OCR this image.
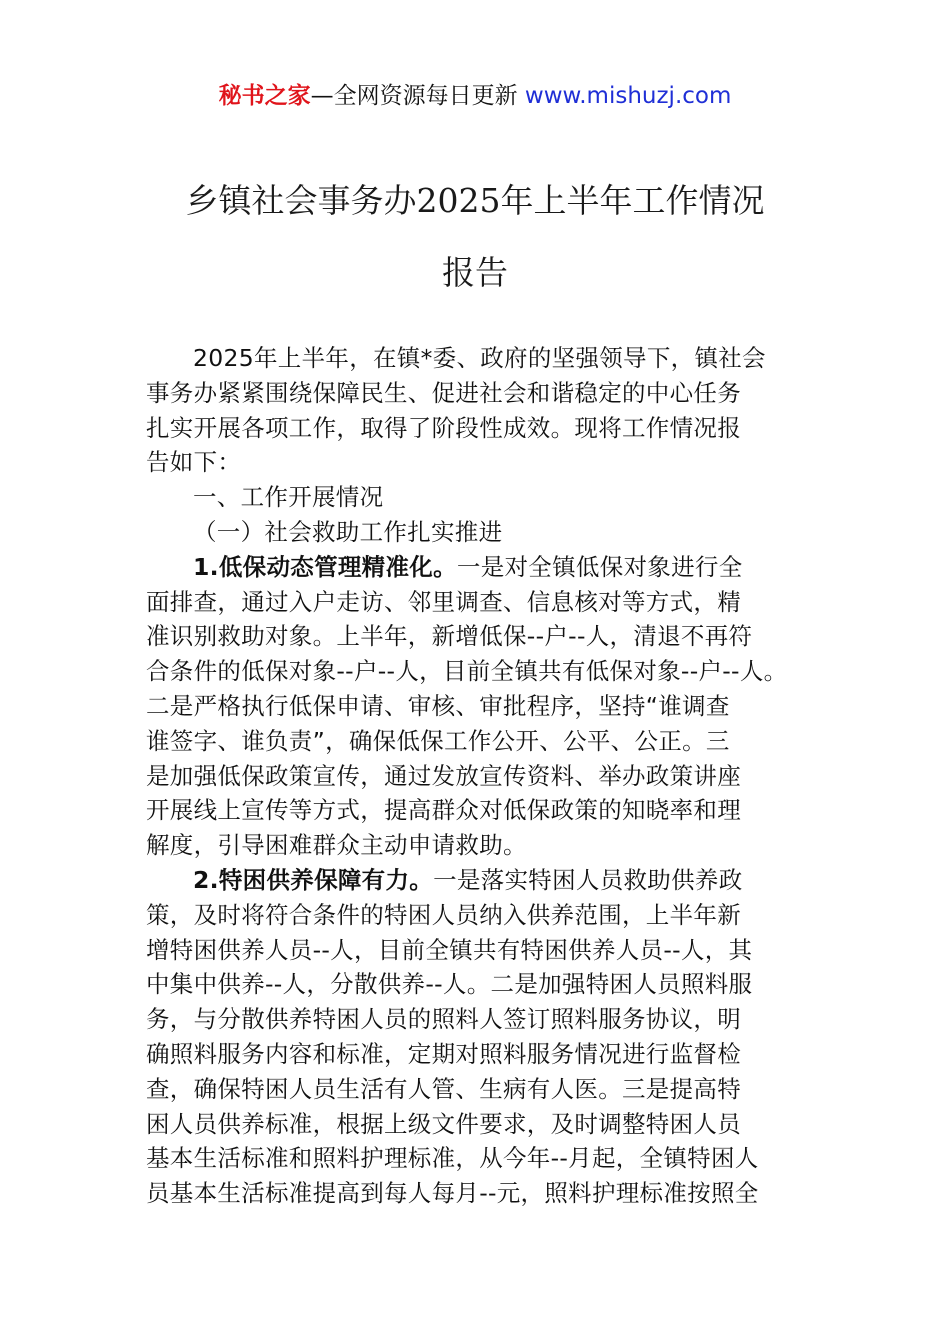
秘书之家—全网资源每日更新 www.mishuzj.com
乡镇社会事务办2025年上半年工作情况
报告
2025年上半年，在镇*委、政府的坚强领导下，镇社会
事务办紧紧围绕保障民生、促进社会和谐稳定的中心任务
扎实开展各项工作，取得了阶段性成效。现将工作情况报
告如下：
一、工作开展情况
（一）社会救助工作扎实推进
1.低保动态管理精准化。一是对全镇低保对象进行全
面排查，通过入户走访、邻里调查、信息核对等方式，精
准识别救助对象。上半年，新增低保--户--人，清退不再符
合条件的低保对象--户--人，目前全镇共有低保对象--户--人。
二是严格执行低保申请、审核、审批程序，坚持“谁调查
谁签字、谁负责”，确保低保工作公开、公平、公正。三
是加强低保政策宣传，通过发放宣传资料、举办政策讲座
开展线上宣传等方式，提高群众对低保政策的知晓率和理
解度，引导困难群众主动申请救助。
2.特困供养保障有力。一是落实特困人员救助供养政
策，及时将符合条件的特困人员纳入供养范围，上半年新
增特困供养人员--人，目前全镇共有特困供养人员--人，其
中集中供养--人，分散供养--人。二是加强特困人员照料服
务，与分散供养特困人员的照料人签订照料服务协议，明
确照料服务内容和标准，定期对照料服务情况进行监督检
查，确保特困人员生活有人管、生病有人医。三是提高特
困人员供养标准，根据上级文件要求，及时调整特困人员
基本生活标准和照料护理标准，从今年--月起，全镇特困人
员基本生活标准提高到每人每月--元，照料护理标准按照全
